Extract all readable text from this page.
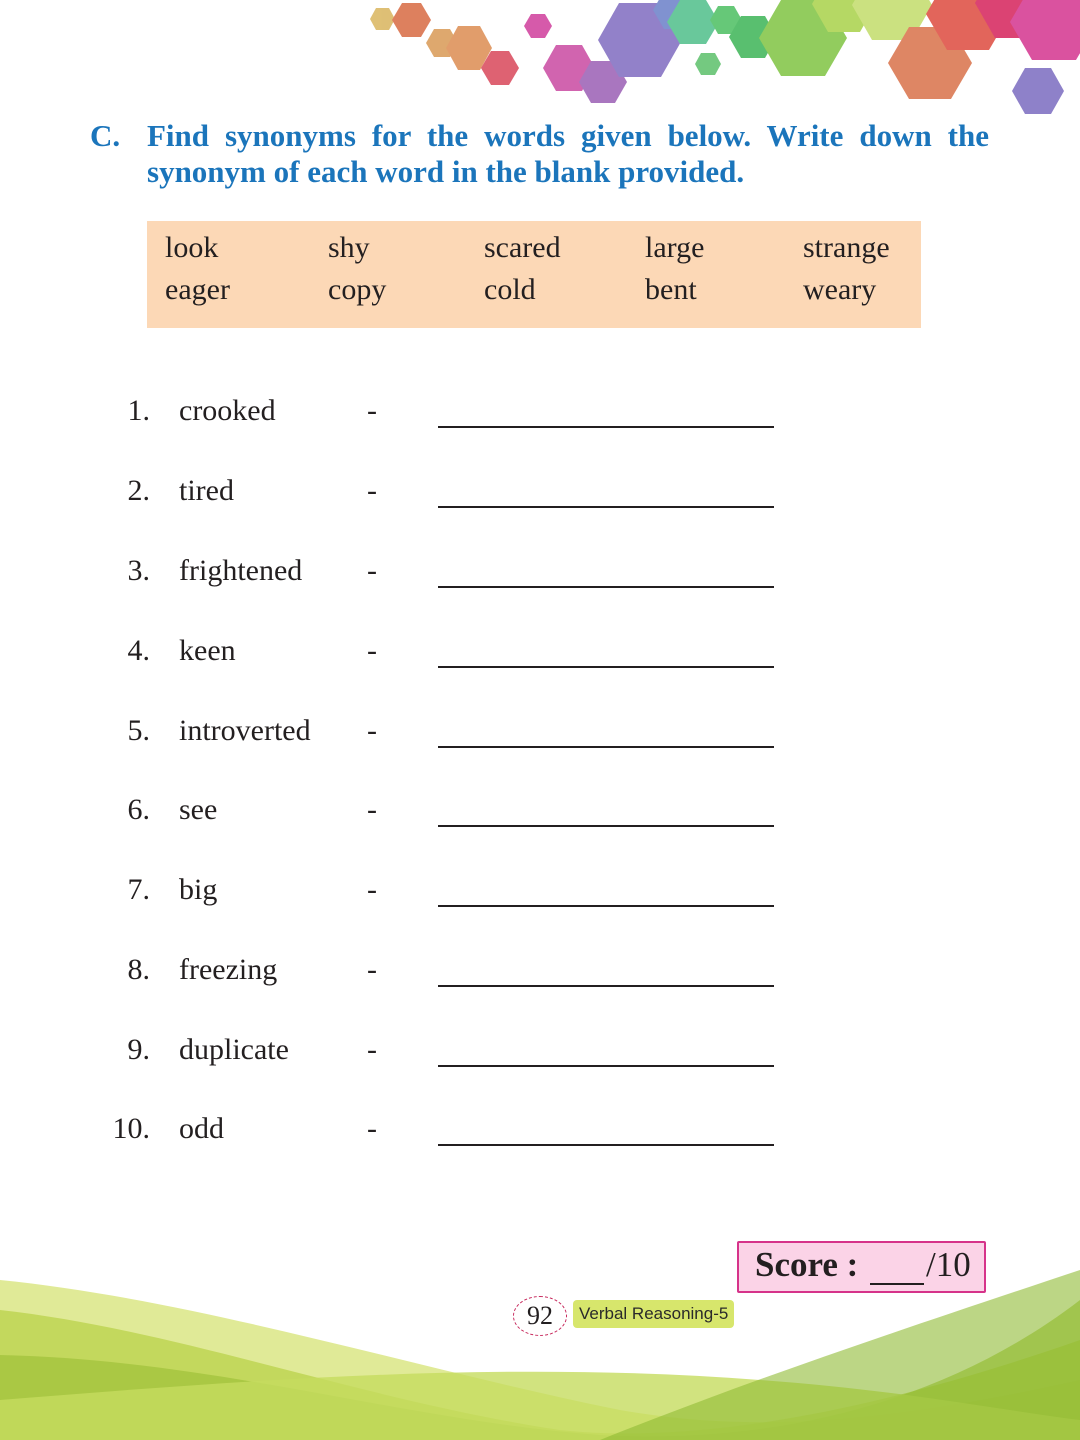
C. Find synonyms for the words given below. Write down the
synonym of each word in the blank provided.
look	shy	scared	large	strange
eager	copy	cold	bent	weary
1. crooked	-
2. tired	-
3. frightened -
4. keen	-
5. introverted -
6. see	-
7. big	-
8. freezing	-
9. duplicate	-
10. odd	-
Score : /10
92	Verbal Reasoning-5
